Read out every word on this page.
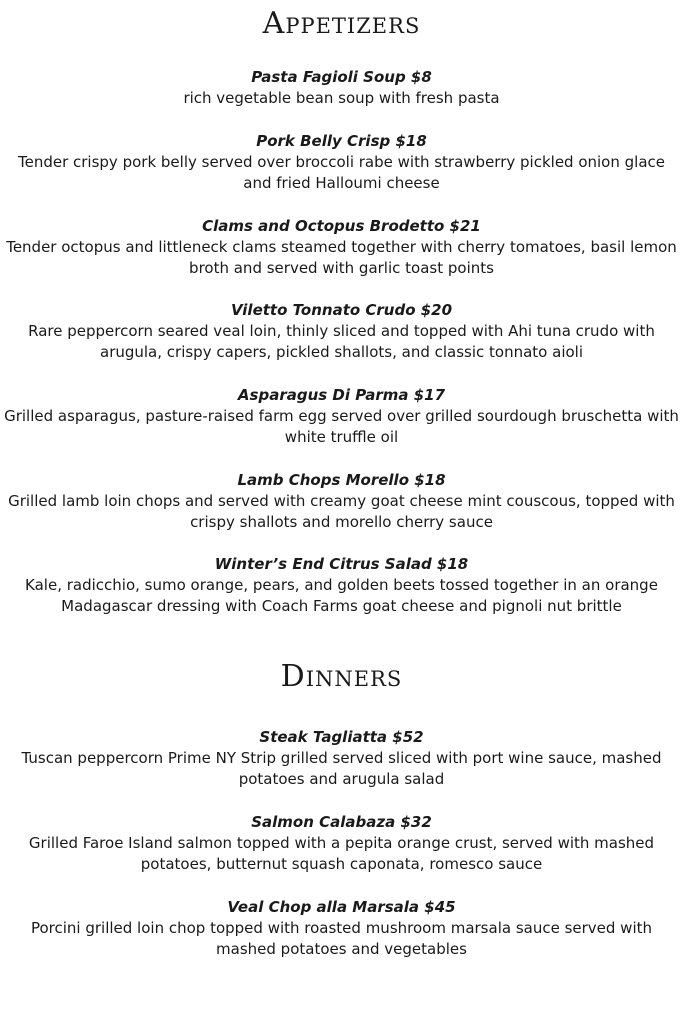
Appetizers

Pasta Fagioli Soup $8

rich vegetable bean soup with fresh pasta

Pork Belly Crisp $18

Tender crispy pork belly served over broccoli rabe with strawberry pickled onion glace and fried Halloumi cheese

Clams and Octopus Brodetto $21

Tender octopus and littleneck clams steamed together with cherry tomatoes, basil lemon broth and served with garlic toast points

Viletto Tonnato Crudo $20

Rare peppercorn seared veal loin, thinly sliced and topped with Ahi tuna crudo with arugula, crispy capers, pickled shallots, and classic tonnato aioli

Asparagus Di Parma $17

Grilled asparagus, pasture-raised farm egg served over grilled sourdough bruschetta with white truffle oil

Lamb Chops Morello $18

Grilled lamb loin chops and served with creamy goat cheese mint couscous, topped with crispy shallots and morello cherry sauce

Winter’s End Citrus Salad $18

Kale, radicchio, sumo orange, pears, and golden beets tossed together in an orange Madagascar dressing with Coach Farms goat cheese and pignoli nut brittle

Dinners

Steak Tagliatta $52

Tuscan peppercorn Prime NY Strip grilled served sliced with port wine sauce, mashed potatoes and arugula salad

Salmon Calabaza $32

Grilled Faroe Island salmon topped with a pepita orange crust, served with mashed potatoes, butternut squash caponata, romesco sauce

Veal Chop alla Marsala $45

Porcini grilled loin chop topped with roasted mushroom marsala sauce served with mashed potatoes and vegetables
